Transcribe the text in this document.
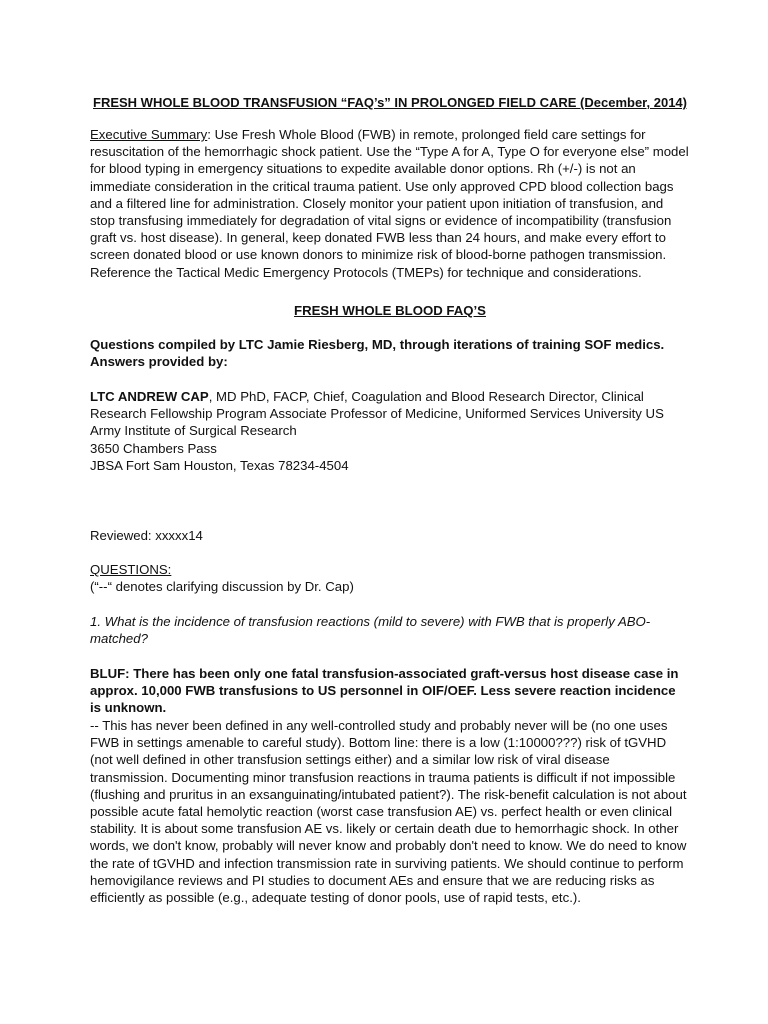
FRESH WHOLE BLOOD TRANSFUSION “FAQ’s” IN PROLONGED FIELD CARE (December, 2014)

Executive Summary: Use Fresh Whole Blood (FWB) in remote, prolonged field care settings for resuscitation of the hemorrhagic shock patient. Use the “Type A for A, Type O for everyone else” model for blood typing in emergency situations to expedite available donor options. Rh (+/-) is not an immediate consideration in the critical trauma patient. Use only approved CPD blood collection bags and a filtered line for administration. Closely monitor your patient upon initiation of transfusion, and stop transfusing immediately for degradation of vital signs or evidence of incompatibility (transfusion graft vs. host disease). In general, keep donated FWB less than 24 hours, and make every effort to screen donated blood or use known donors to minimize risk of blood-borne pathogen transmission. Reference the Tactical Medic Emergency Protocols (TMEPs) for technique and considerations.

FRESH WHOLE BLOOD FAQ’S

Questions compiled by LTC Jamie Riesberg, MD, through iterations of training SOF medics. Answers provided by:

LTC ANDREW CAP, MD PhD, FACP, Chief, Coagulation and Blood Research Director, Clinical Research Fellowship Program Associate Professor of Medicine, Uniformed Services University US Army Institute of Surgical Research
3650 Chambers Pass
JBSA Fort Sam Houston, Texas 78234-4504

Reviewed: xxxxx14

QUESTIONS:
(“--“ denotes clarifying discussion by Dr. Cap)

1. What is the incidence of transfusion reactions (mild to severe) with FWB that is properly ABO-matched?

BLUF: There has been only one fatal transfusion-associated graft-versus host disease case in approx. 10,000 FWB transfusions to US personnel in OIF/OEF. Less severe reaction incidence is unknown.

-- This has never been defined in any well-controlled study and probably never will be (no one uses FWB in settings amenable to careful study). Bottom line: there is a low (1:10000???) risk of tGVHD (not well defined in other transfusion settings either) and a similar low risk of viral disease transmission. Documenting minor transfusion reactions in trauma patients is difficult if not impossible (flushing and pruritus in an exsanguinating/intubated patient?). The risk-benefit calculation is not about possible acute fatal hemolytic reaction (worst case transfusion AE) vs. perfect health or even clinical stability. It is about some transfusion AE vs. likely or certain death due to hemorrhagic shock. In other words, we don't know, probably will never know and probably don't need to know. We do need to know the rate of tGVHD and infection transmission rate in surviving patients. We should continue to perform hemovigilance reviews and PI studies to document AEs and ensure that we are reducing risks as efficiently as possible (e.g., adequate testing of donor pools, use of rapid tests, etc.).
